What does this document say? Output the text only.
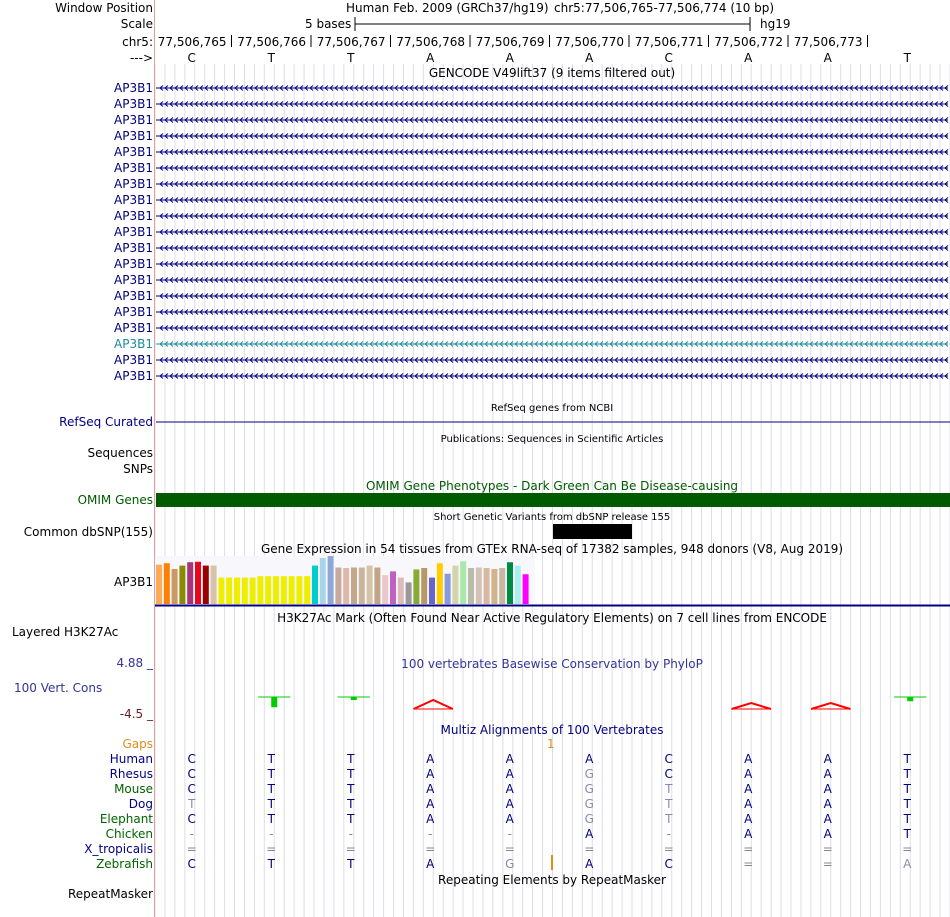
Window Position	Human Feb. 2009 (GRCh37/hg19) chr5:77,506,765-77,506,774 (10 bp)
Scale	5 bases	hg19
chr5:
--->
77,506,765 77,506,766 77,506,767 77,506,768 77,506,769 77,506,770 77,506,771 77,506,772 77,506,773
C	T	T	A	A	A	C	A	A	T
GENCODE V49lift37 (9 items filtered out)
AP3B1
AP3B1
AP3B1
AP3B1
AP3B1
AP3B1
AP3B1
AP3B1
AP3B1
AP3B1
AP3B1
AP3B1
AP3B1
AP3B1
AP3B1
AP3B1
AP3B1
AP3B1
AP3B1
RefSeq genes from NCBI
RefSeq Curated
Publications: Sequences in Scientific Articles
Sequences
SNPs
OMIM Gene Phenotypes - Dark Green Can Be Disease-causing
OMIM Genes
Short Genetic Variants from dbSNP release 155
Common dbSNP(155)
Gene Expression in 54 tissues from GTEx RNA-seq of 17382 samples, 948 donors (V8, Aug 2019)
AP3B1
H3K27Ac Mark (Often Found Near Active Regulatory Elements) on 7 cell lines from ENCODE
Layered H3K27Ac
100 vertebrates Basewise Conservation by PhyloP
4.88 _
100 Vert. Cons
-4.5 _
Multiz Alignments of 100 Vertebrates
Gaps	1
Human	C	T	T	A	A	A	C	A	A	T
Rhesus	C	T	T	A	A	G	C	A	A	T
Mouse	C	T	T	A	A	G	T	A	A	T
Dog	T	T	T	A	A	G	T	A	A	T
Elephant	C	T	T	A	A	G	T	A	A	T
Chicken	-	-	-	-	-	A	-	A	A	T
X_tropicalis	=	=	=	=	=	=	=	=	=	=
Zebrafish	C	T	T	A	G	A	C	=	=	A
Repeating Elements by RepeatMasker
RepeatMasker
